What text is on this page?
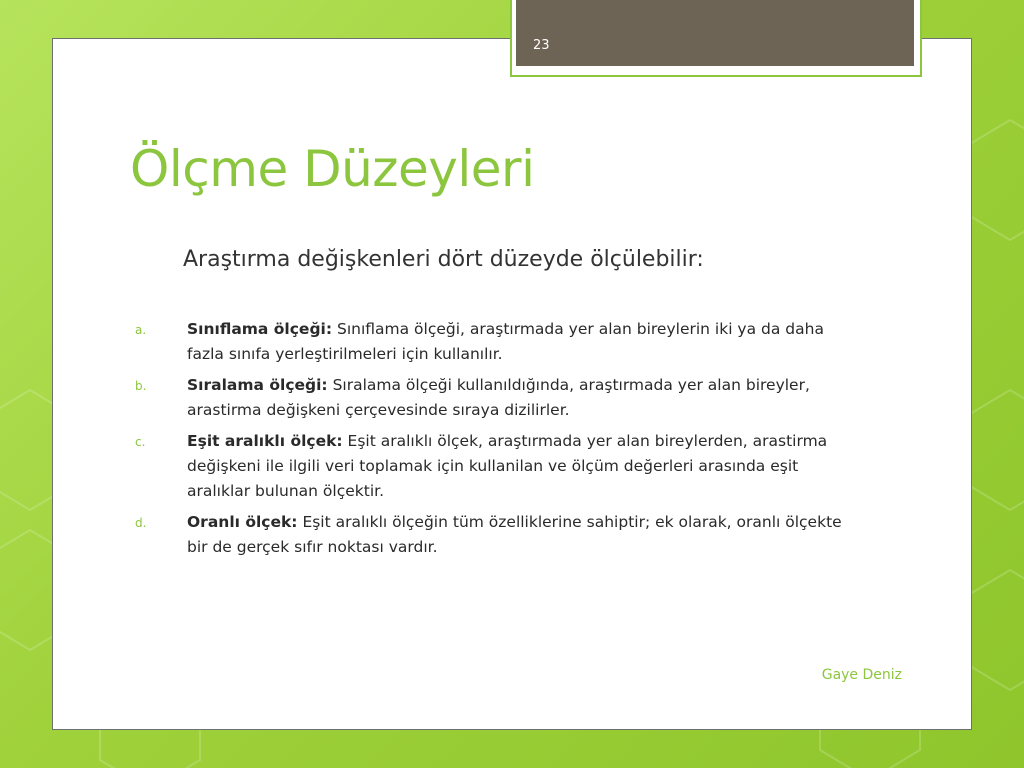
23
Ölçme Düzeyleri
Araştırma değişkenleri dört düzeyde ölçülebilir:
a.	Sınıflama ölçeği: Sınıflama ölçeği, araştırmada yer alan bireylerin iki ya da daha fazla sınıfa yerleştirilmeleri için kullanılır.
b.	Sıralama ölçeği: Sıralama ölçeği kullanıldığında, araştırmada yer alan bireyler, arastirma değişkeni çerçevesinde sıraya dizilirler.
c.	Eşit aralıklı ölçek: Eşit aralıklı ölçek, araştırmada yer alan bireylerden, arastirma değişkeni ile ilgili veri toplamak için kullanilan ve ölçüm değerleri arasında eşit aralıklar bulunan ölçektir.
d.	Oranlı ölçek: Eşit aralıklı ölçeğin tüm özelliklerine sahiptir; ek olarak, oranlı ölçekte bir de gerçek sıfır noktası vardır.
Gaye Deniz
